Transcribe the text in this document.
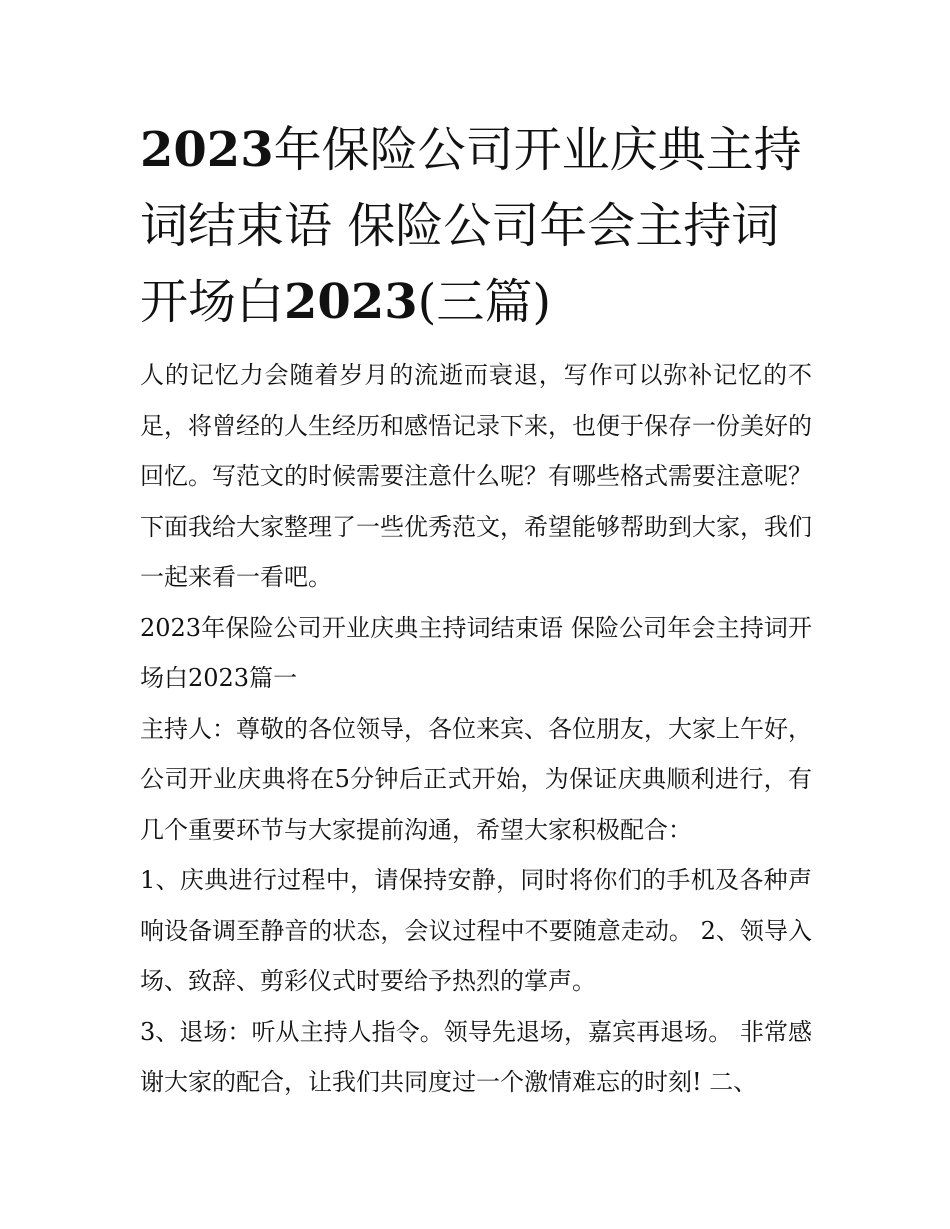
2023年保险公司开业庆典主持
词结束语 保险公司年会主持词
开场白2023(三篇)

人的记忆力会随着岁月的流逝而衰退，写作可以弥补记忆的不足，将曾经的人生经历和感悟记录下来，也便于保存一份美好的回忆。写范文的时候需要注意什么呢？有哪些格式需要注意呢？下面我给大家整理了一些优秀范文，希望能够帮助到大家，我们一起来看一看吧。

2023年保险公司开业庆典主持词结束语 保险公司年会主持词开场白2023篇一

主持人：尊敬的各位领导，各位来宾、各位朋友，大家上午好，公司开业庆典将在5分钟后正式开始，为保证庆典顺利进行，有几个重要环节与大家提前沟通，希望大家积极配合：

1、庆典进行过程中，请保持安静，同时将你们的手机及各种声响设备调至静音的状态，会议过程中不要随意走动。 2、领导入场、致辞、剪彩仪式时要给予热烈的掌声。

3、退场：听从主持人指令。领导先退场，嘉宾再退场。 非常感谢大家的配合，让我们共同度过一个激情难忘的时刻! 二、
